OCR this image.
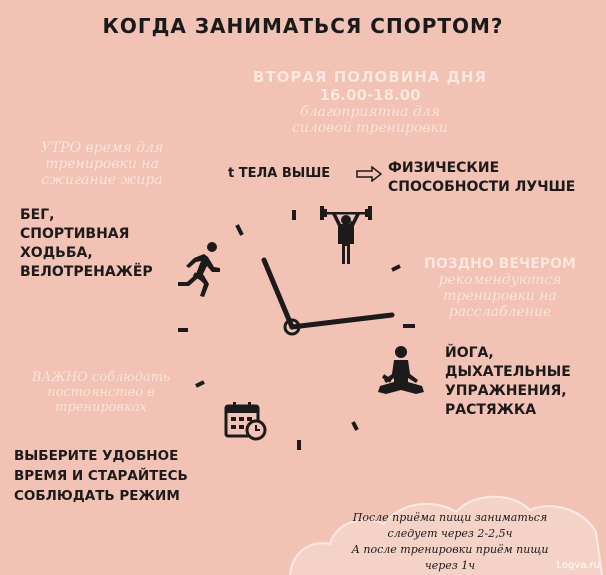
КОГДА ЗАНИМАТЬСЯ СПОРТОМ?
ВТОРАЯ ПОЛОВИНА ДНЯ
16.00-18.00
благоприятна для
силовой тренировки
t ТЕЛА ВЫШЕ	ФИЗИЧЕСКИЕ
СПОСОБНОСТИ ЛУЧШЕ
УТРО время для
тренировки на
сжигание жира
БЕГ,
СПОРТИВНАЯ
ХОДЬБА,
ВЕЛОТРЕНАЖЁР	ПОЗДНО ВЕЧЕРОМ
рекомендуются
тренировки на
расслабление
ЙОГА,
ДЫХАТЕЛЬНЫЕ
УПРАЖНЕНИЯ,
РАСТЯЖКА
ВАЖНО соблюдать
постоянство в
тренировках
ВЫБЕРИТЕ УДОБНОЕ
ВРЕМЯ И СТАРАЙТЕСЬ
СОБЛЮДАТЬ РЕЖИМ
После приёма пищи заниматься
следует через 2-2,5ч
А после тренировки приём пищи
через 1ч	Logva.ru
